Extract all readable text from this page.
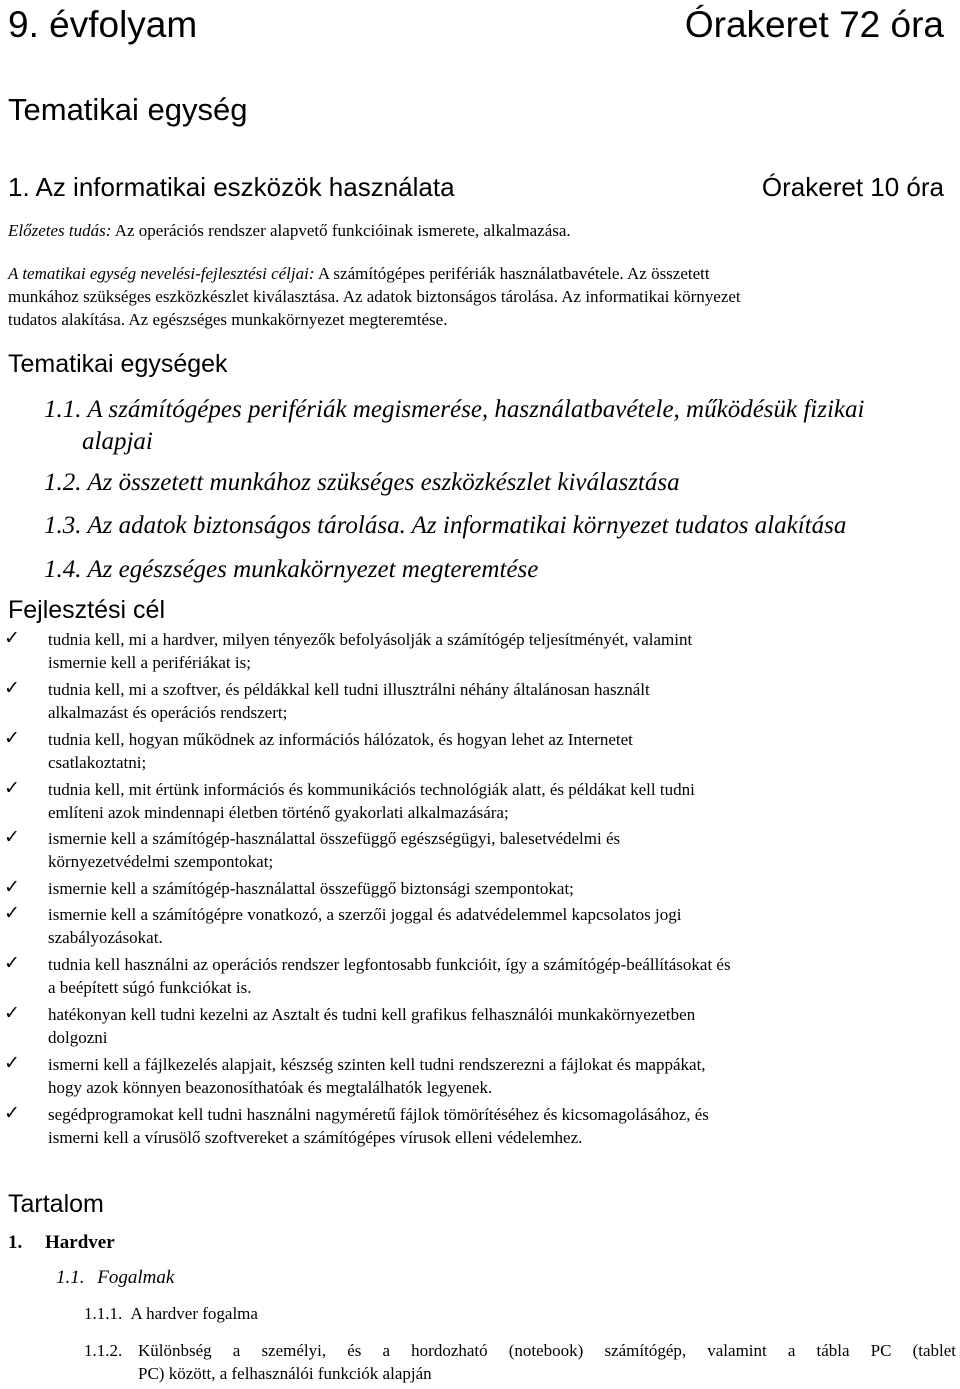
9. évfolyam	Órakeret 72 óra
Tematikai egység
1. Az informatikai eszközök használata	Órakeret 10 óra
Előzetes tudás: Az operációs rendszer alapvető funkcióinak ismerete, alkalmazása.
A tematikai egység nevelési-fejlesztési céljai: A számítógépes perifériák használatbavétele. Az összetett
munkához szükséges eszközkészlet kiválasztása. Az adatok biztonságos tárolása. Az informatikai környezet
tudatos alakítása. Az egészséges munkakörnyezet megteremtése.
Tematikai egységek
1.1. A számítógépes perifériák megismerése, használatbavétele, működésük fizikai
alapjai
1.2. Az összetett munkához szükséges eszközkészlet kiválasztása
1.3. Az adatok biztonságos tárolása. Az informatikai környezet tudatos alakítása
1.4. Az egészséges munkakörnyezet megteremtése
Fejlesztési cél
✓ tudnia kell, mi a hardver, milyen tényezők befolyásolják a számítógép teljesítményét, valamint
ismernie kell a perifériákat is;
✓ tudnia kell, mi a szoftver, és példákkal kell tudni illusztrálni néhány általánosan használt
alkalmazást és operációs rendszert;
✓ tudnia kell, hogyan működnek az információs hálózatok, és hogyan lehet az Internetet
csatlakoztatni;
✓ tudnia kell, mit értünk információs és kommunikációs technológiák alatt, és példákat kell tudni
említeni azok mindennapi életben történő gyakorlati alkalmazására;
✓ ismernie kell a számítógép-használattal összefüggő egészségügyi, balesetvédelmi és
környezetvédelmi szempontokat;
✓ ismernie kell a számítógép-használattal összefüggő biztonsági szempontokat;
✓ ismernie kell a számítógépre vonatkozó, a szerzői joggal és adatvédelemmel kapcsolatos jogi
szabályozásokat.
✓ tudnia kell használni az operációs rendszer legfontosabb funkcióit, így a számítógép-beállításokat és
a beépített súgó funkciókat is.
✓ hatékonyan kell tudni kezelni az Asztalt és tudni kell grafikus felhasználói munkakörnyezetben
dolgozni
✓ ismerni kell a fájlkezelés alapjait, készség szinten kell tudni rendszerezni a fájlokat és mappákat,
hogy azok könnyen beazonosíthatóak és megtalálhatók legyenek.
✓ segédprogramokat kell tudni használni nagyméretű fájlok tömörítéséhez és kicsomagolásához, és
ismerni kell a vírusölő szoftvereket a számítógépes vírusok elleni védelemhez.
Tartalom
1. Hardver
1.1. Fogalmak
1.1.1. A hardver fogalma
1.1.2. Különbség a személyi, és a hordozható (notebook) számítógép, valamint a tábla PC (tablet
PC) között, a felhasználói funkciók alapján
